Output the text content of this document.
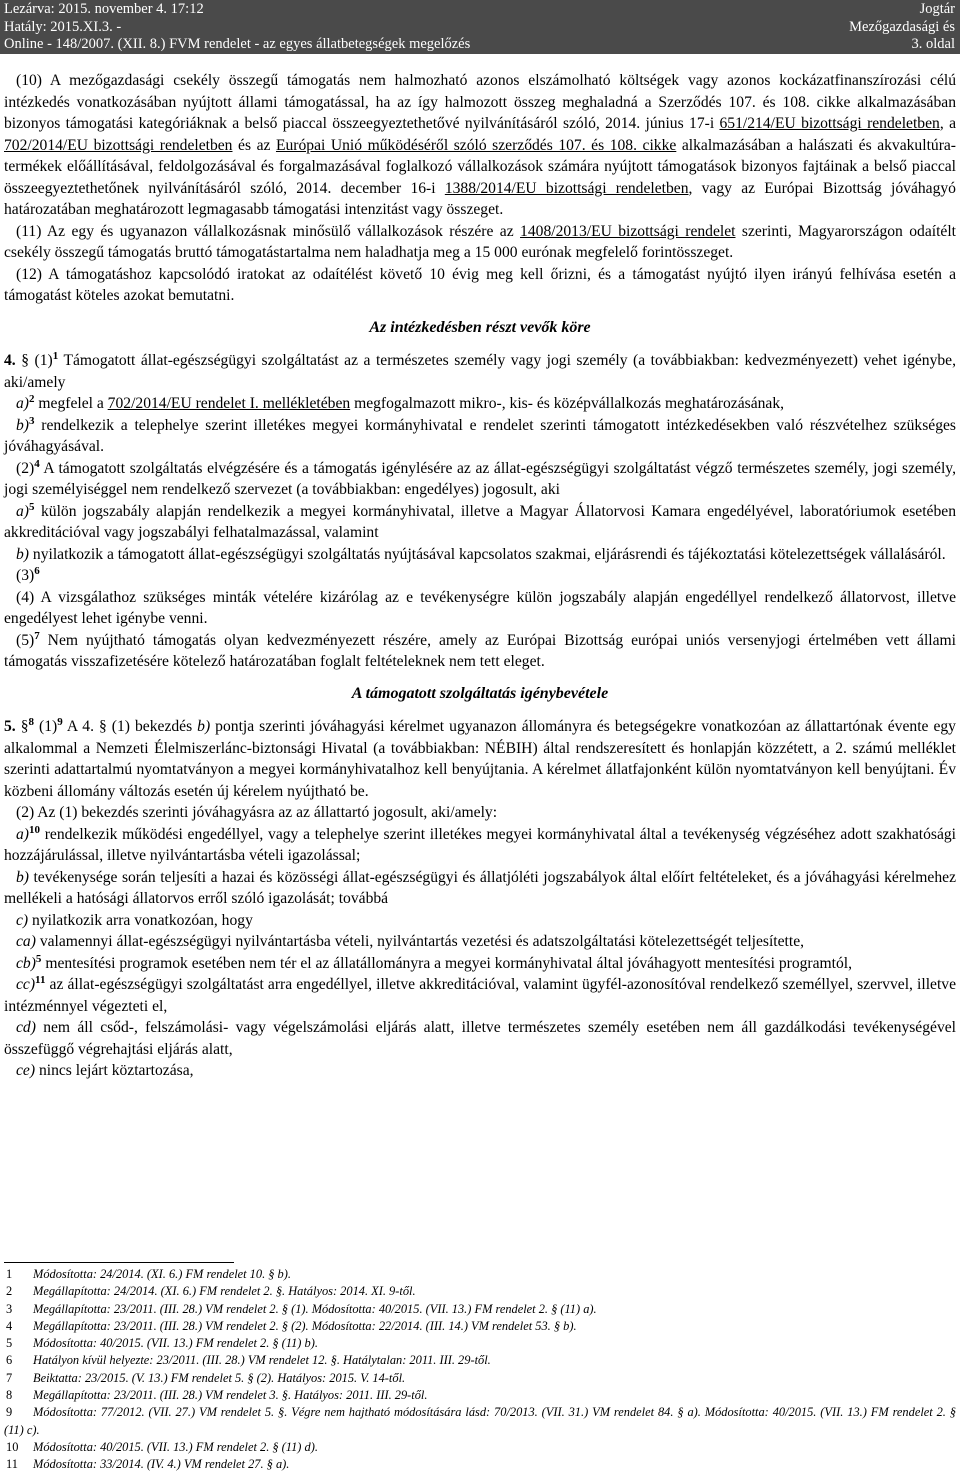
Lezárva: 2015. november 4. 17:12
Hatály: 2015.XI.3. -
Online - 148/2007. (XII. 8.) FVM rendelet - az egyes állatbetegségek megelőzés
Jogtár
Mezőgazdasági és
3. oldal

(10) A mezőgazdasági csekély összegű támogatás nem halmozható azonos elszámolható költségek vagy azonos kockázatfinanszírozási célú intézkedés vonatkozásában nyújtott állami támogatással, ha az így halmozott összeg meghaladná a Szerződés 107. és 108. cikke alkalmazásában bizonyos támogatási kategóriáknak a belső piaccal összeegyeztethetővé nyilvánításáról szóló, 2014. június 17-i 651/214/EU bizottsági rendeletben, a 702/2014/EU bizottsági rendeletben és az Európai Unió működéséről szóló szerződés 107. és 108. cikke alkalmazásában a halászati és akvakultúra-termékek előállításával, feldolgozásával és forgalmazásával foglalkozó vállalkozások számára nyújtott támogatások bizonyos fajtáinak a belső piaccal összeegyeztethetőnek nyilvánításáról szóló, 2014. december 16-i 1388/2014/EU bizottsági rendeletben, vagy az Európai Bizottság jóváhagyó határozatában meghatározott legmagasabb támogatási intenzitást vagy összeget.

(11) Az egy és ugyanazon vállalkozásnak minősülő vállalkozások részére az 1408/2013/EU bizottsági rendelet szerinti, Magyarországon odaítélt csekély összegű támogatás bruttó támogatástartalma nem haladhatja meg a 15 000 eurónak megfelelő forintösszeget.

(12) A támogatáshoz kapcsolódó iratokat az odaítélést követő 10 évig meg kell őrizni, és a támogatást nyújtó ilyen irányú felhívása esetén a támogatást köteles azokat bemutatni.

Az intézkedésben részt vevők köre

4. § $(1)^1$ Támogatott állat-egészségügyi szolgáltatást az a természetes személy vagy jogi személy (a továbbiakban: kedvezményezett) vehet igénybe, aki/amely

a)$^2$ megfelel a 702/2014/EU rendelet I. mellékletében megfogalmazott mikro-, kis- és középvállalkozás meghatározásának,

b)$^3$ rendelkezik a telephelye szerint illetékes megyei kormányhivatal e rendelet szerinti támogatott intézkedésekben való részvételhez szükséges jóváhagyásával.

$(2)^4$ A támogatott szolgáltatás elvégzésére és a támogatás igénylésére az az állat-egészségügyi szolgáltatást végző természetes személy, jogi személy, jogi személyiséggel nem rendelkező szervezet (a továbbiakban: engedélyes) jogosult, aki

a)$^5$ külön jogszabály alapján rendelkezik a megyei kormányhivatal, illetve a Magyar Állatorvosi Kamara engedélyével, laboratóriumok esetében akkreditációval vagy jogszabályi felhatalmazással, valamint

b) nyilatkozik a támogatott állat-egészségügyi szolgáltatás nyújtásával kapcsolatos szakmai, eljárásrendi és tájékoztatási kötelezettségek vállalásáról.

$(3)^6$

(4) A vizsgálathoz szükséges minták vételére kizárólag az e tevékenységre külön jogszabály alapján engedéllyel rendelkező állatorvost, illetve engedélyest lehet igénybe venni.

$(5)^7$ Nem nyújtható támogatás olyan kedvezményezett részére, amely az Európai Bizottság európai uniós versenyjogi értelmében vett állami támogatás visszafizetésére kötelező határozatában foglalt feltételeknek nem tett eleget.

A támogatott szolgáltatás igénybevétele

5. §$^8$ $(1)^9$ A 4. § (1) bekezdés b) pontja szerinti jóváhagyási kérelmet ugyanazon állományra és betegségekre vonatkozóan az állattartónak évente egy alkalommal a Nemzeti Élelmiszerlánc-biztonsági Hivatal (a továbbiakban: NÉBIH) által rendszeresített és honlapján közzétett, a 2. számú melléklet szerinti adattartalmú nyomtatványon a megyei kormányhivatalhoz kell benyújtania. A kérelmet állatfajonként külön nyomtatványon kell benyújtani. Év közbeni állomány változás esetén új kérelem nyújtható be.

(2) Az (1) bekezdés szerinti jóváhagyásra az az állattartó jogosult, aki/amely:

a)$^{10}$ rendelkezik működési engedéllyel, vagy a telephelye szerint illetékes megyei kormányhivatal által a tevékenység végzéséhez adott szakhatósági hozzájárulással, illetve nyilvántartásba vételi igazolással;

b) tevékenysége során teljesíti a hazai és közösségi állat-egészségügyi és állatjóléti jogszabályok által előírt feltételeket, és a jóváhagyási kérelmehez mellékeli a hatósági állatorvos erről szóló igazolását; továbbá

c) nyilatkozik arra vonatkozóan, hogy

ca) valamennyi állat-egészségügyi nyilvántartásba vételi, nyilvántartás vezetési és adatszolgáltatási kötelezettségét teljesítette,

cb)$^5$ mentesítési programok esetében nem tér el az állatállományra a megyei kormányhivatal által jóváhagyott mentesítési programtól,

cc)$^{11}$ az állat-egészségügyi szolgáltatást arra engedéllyel, illetve akkreditációval, valamint ügyfél-azonosítóval rendelkező személlyel, szervvel, illetve intézménnyel végezteti el,

cd) nem áll csőd-, felszámolási- vagy végelszámolási eljárás alatt, illetve természetes személy esetében nem áll gazdálkodási tevékenységével összefüggő végrehajtási eljárás alatt,

ce) nincs lejárt köztartozása,

1 Módosította: 24/2014. (XI. 6.) FM rendelet 10. § b).

2 Megállapította: 24/2014. (XI. 6.) FM rendelet 2. §. Hatályos: 2014. XI. 9-től.

3 Megállapította: 23/2011. (III. 28.) VM rendelet 2. § (1). Módosította: 40/2015. (VII. 13.) FM rendelet 2. § (11) a).

4 Megállapította: 23/2011. (III. 28.) VM rendelet 2. § (2). Módosította: 22/2014. (III. 14.) VM rendelet 53. § b).

5 Módosította: 40/2015. (VII. 13.) FM rendelet 2. § (11) b).

6 Hatályon kívül helyezte: 23/2011. (III. 28.) VM rendelet 12. §. Hatálytalan: 2011. III. 29-től.

7 Beiktatta: 23/2015. (V. 13.) FM rendelet 5. § (2). Hatályos: 2015. V. 14-től.

8 Megállapította: 23/2011. (III. 28.) VM rendelet 3. §. Hatályos: 2011. III. 29-től.

9 Módosította: 77/2012. (VII. 27.) VM rendelet 5. §. Végre nem hajtható módosítására lásd: 70/2013. (VII. 31.) VM rendelet 84. § a). Módosította: 40/2015. (VII. 13.) FM rendelet 2. § (11) c).

10 Módosította: 40/2015. (VII. 13.) FM rendelet 2. § (11) d).

11 Módosította: 33/2014. (IV. 4.) VM rendelet 27. § a).
